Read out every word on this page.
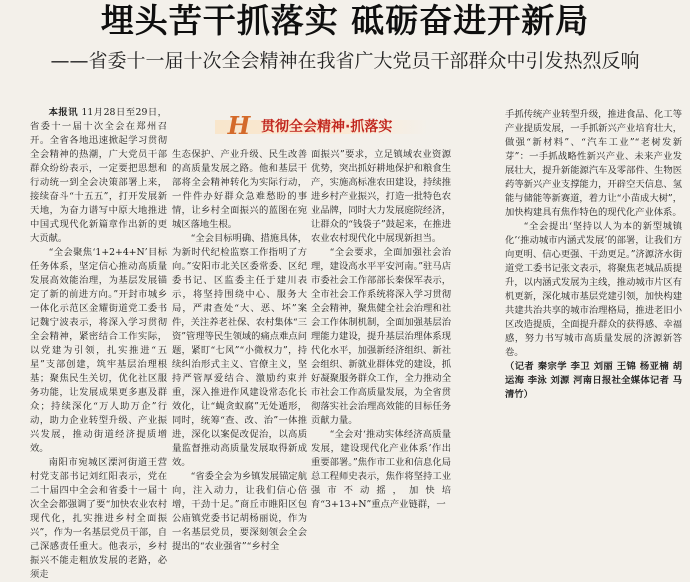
埋头苦干抓落实 砥砺奋进开新局
——省委十一届十次全会精神在我省广大党员干部群众中引发热烈反响
H 贯彻全会精神·抓落实

本报讯 11月28日至29日，省委十一届十次全会在郑州召开。全省各地迅速掀起学习贯彻全会精神的热潮，广大党员干部群众纷纷表示，一定要把思想和行动统一到全会决策部署上来，接续奋斗“十五五”，打开发展新天地，为奋力谱写中原大地推进中国式现代化新篇章作出新的更大贡献。

“全会聚焦‘1+2+4+N’目标任务体系，坚定信心推动高质量发展高效能治理，为基层发展锚定了新的前进方向。”开封市城乡一体化示范区金耀街道党工委书记魏宁波表示，将深入学习贯彻全会精神，紧密结合工作实际，以党建为引领，扎实推进“五星”支部创建，筑牢基层治理根基；聚焦民生关切，优化社区服务功能，让发展成果更多惠及群众；持续深化“万人助万企”行动，助力企业转型升级、产业振兴发展，推动街道经济提质增效。

南阳市宛城区溧河街道王营村党支部书记刘红阳表示，党在二十届四中全会和省委十一届十次全会都强调了要“加快农业农村现代化，扎实推进乡村全面振兴”，作为一名基层党员干部，自己深感责任重大。他表示，乡村振兴不能走粗放发展的老路，必须走

生态保护、产业升级、民生改善的高质量发展之路。他和基层干部将全会精神转化为实际行动，一件件办好群众急难愁盼的事情，让乡村全面振兴的蓝图在宛城区落地生根。

“全会目标明确、措施具体，为新时代纪检监察工作指明了方向。”安阳市北关区委常委、区纪委书记、区监委主任于建川表示，将坚持围绕中心、服务大局，严肃查处“大、恶、坏”案件，关注养老社保、农村集体“三资”管理等民生领域的痛点难点问题，紧盯“七风”“小微权力”，持续纠治形式主义、官僚主义，坚持严管厚爱结合、激励约束并重，深入推进作风建设常态化长效化，让“蝇贪蚁腐”无处遁形，同时，统筹“查、改、治”一体推进，深化以案促改促治，以高质量监督推动高质量发展取得新成效。

“省委全会为乡镇发展锚定航向，注入动力，让我们信心倍增，干劲十足。”商丘市睢阳区包公庙镇党委书记胡杨丽说，作为一名基层党员，要深刻领会全会提出的“农业强省”“乡村全

面振兴”要求，立足镇域农业资源优势，突出抓好耕地保护和粮食生产，实施高标准农田建设，持续推进乡村产业振兴，打造一批特色农业品牌，同时大力发展庭院经济，让群众的“钱袋子”鼓起来，在推进农业农村现代化中展现新担当。

“全会要求，全面加强社会治理，建设高水平平安河南。”驻马店市委社会工作部部长秦保军表示，全市社会工作系统将深入学习贯彻全会精神，聚焦健全社会治理和社会工作体制机制，全面加强基层治理能力建设，提升基层治理体系现代化水平，加强新经济组织、新社会组织、新就业群体党的建设，抓好凝聚服务群众工作，全力推动全市社会工作高质量发展，为全省贯彻落实社会治理高效能的目标任务贡献力量。

“全会对‘推动实体经济高质量发展，建设现代化产业体系’作出重要部署。”焦作市工业和信息化局总工程师史表示，焦作将坚持工业强市不动摇，加快培育“3+13+N”重点产业链群，一

手抓传统产业转型升级，推进食品、化工等产业提质发展，一手抓新兴产业培育壮大，做强“新材料”、“汽车工业”“老树发新芽”：一手抓战略性新兴产业、未来产业发展壮大，提升新能源汽车及零部件、生物医药等新兴产业支撑能力，开辟空天信息、氢能与储能等新赛道，着力让“小苗成大树”，加快构建具有焦作特色的现代化产业体系。

“全会提出‘坚持以人为本的新型城镇化’‘推动城市内涵式发展’的部署，让我们方向更明、信心更强、干劲更足。”济源济水街道党工委书记张文表示，将聚焦老城品质提升，以内涵式发展为主线，推动城市片区有机更新，深化城市基层党建引领，加快构建共建共治共享的城市治理格局，推进老旧小区改造提质，全面提升群众的获得感、幸福感，努力书写城市高质量发展的济源新答卷。

（记者 秦宗学 李卫 刘丽 王锦 杨亚楠 胡运海 李泳 刘源 河南日报社全媒体记者 马清竹）
